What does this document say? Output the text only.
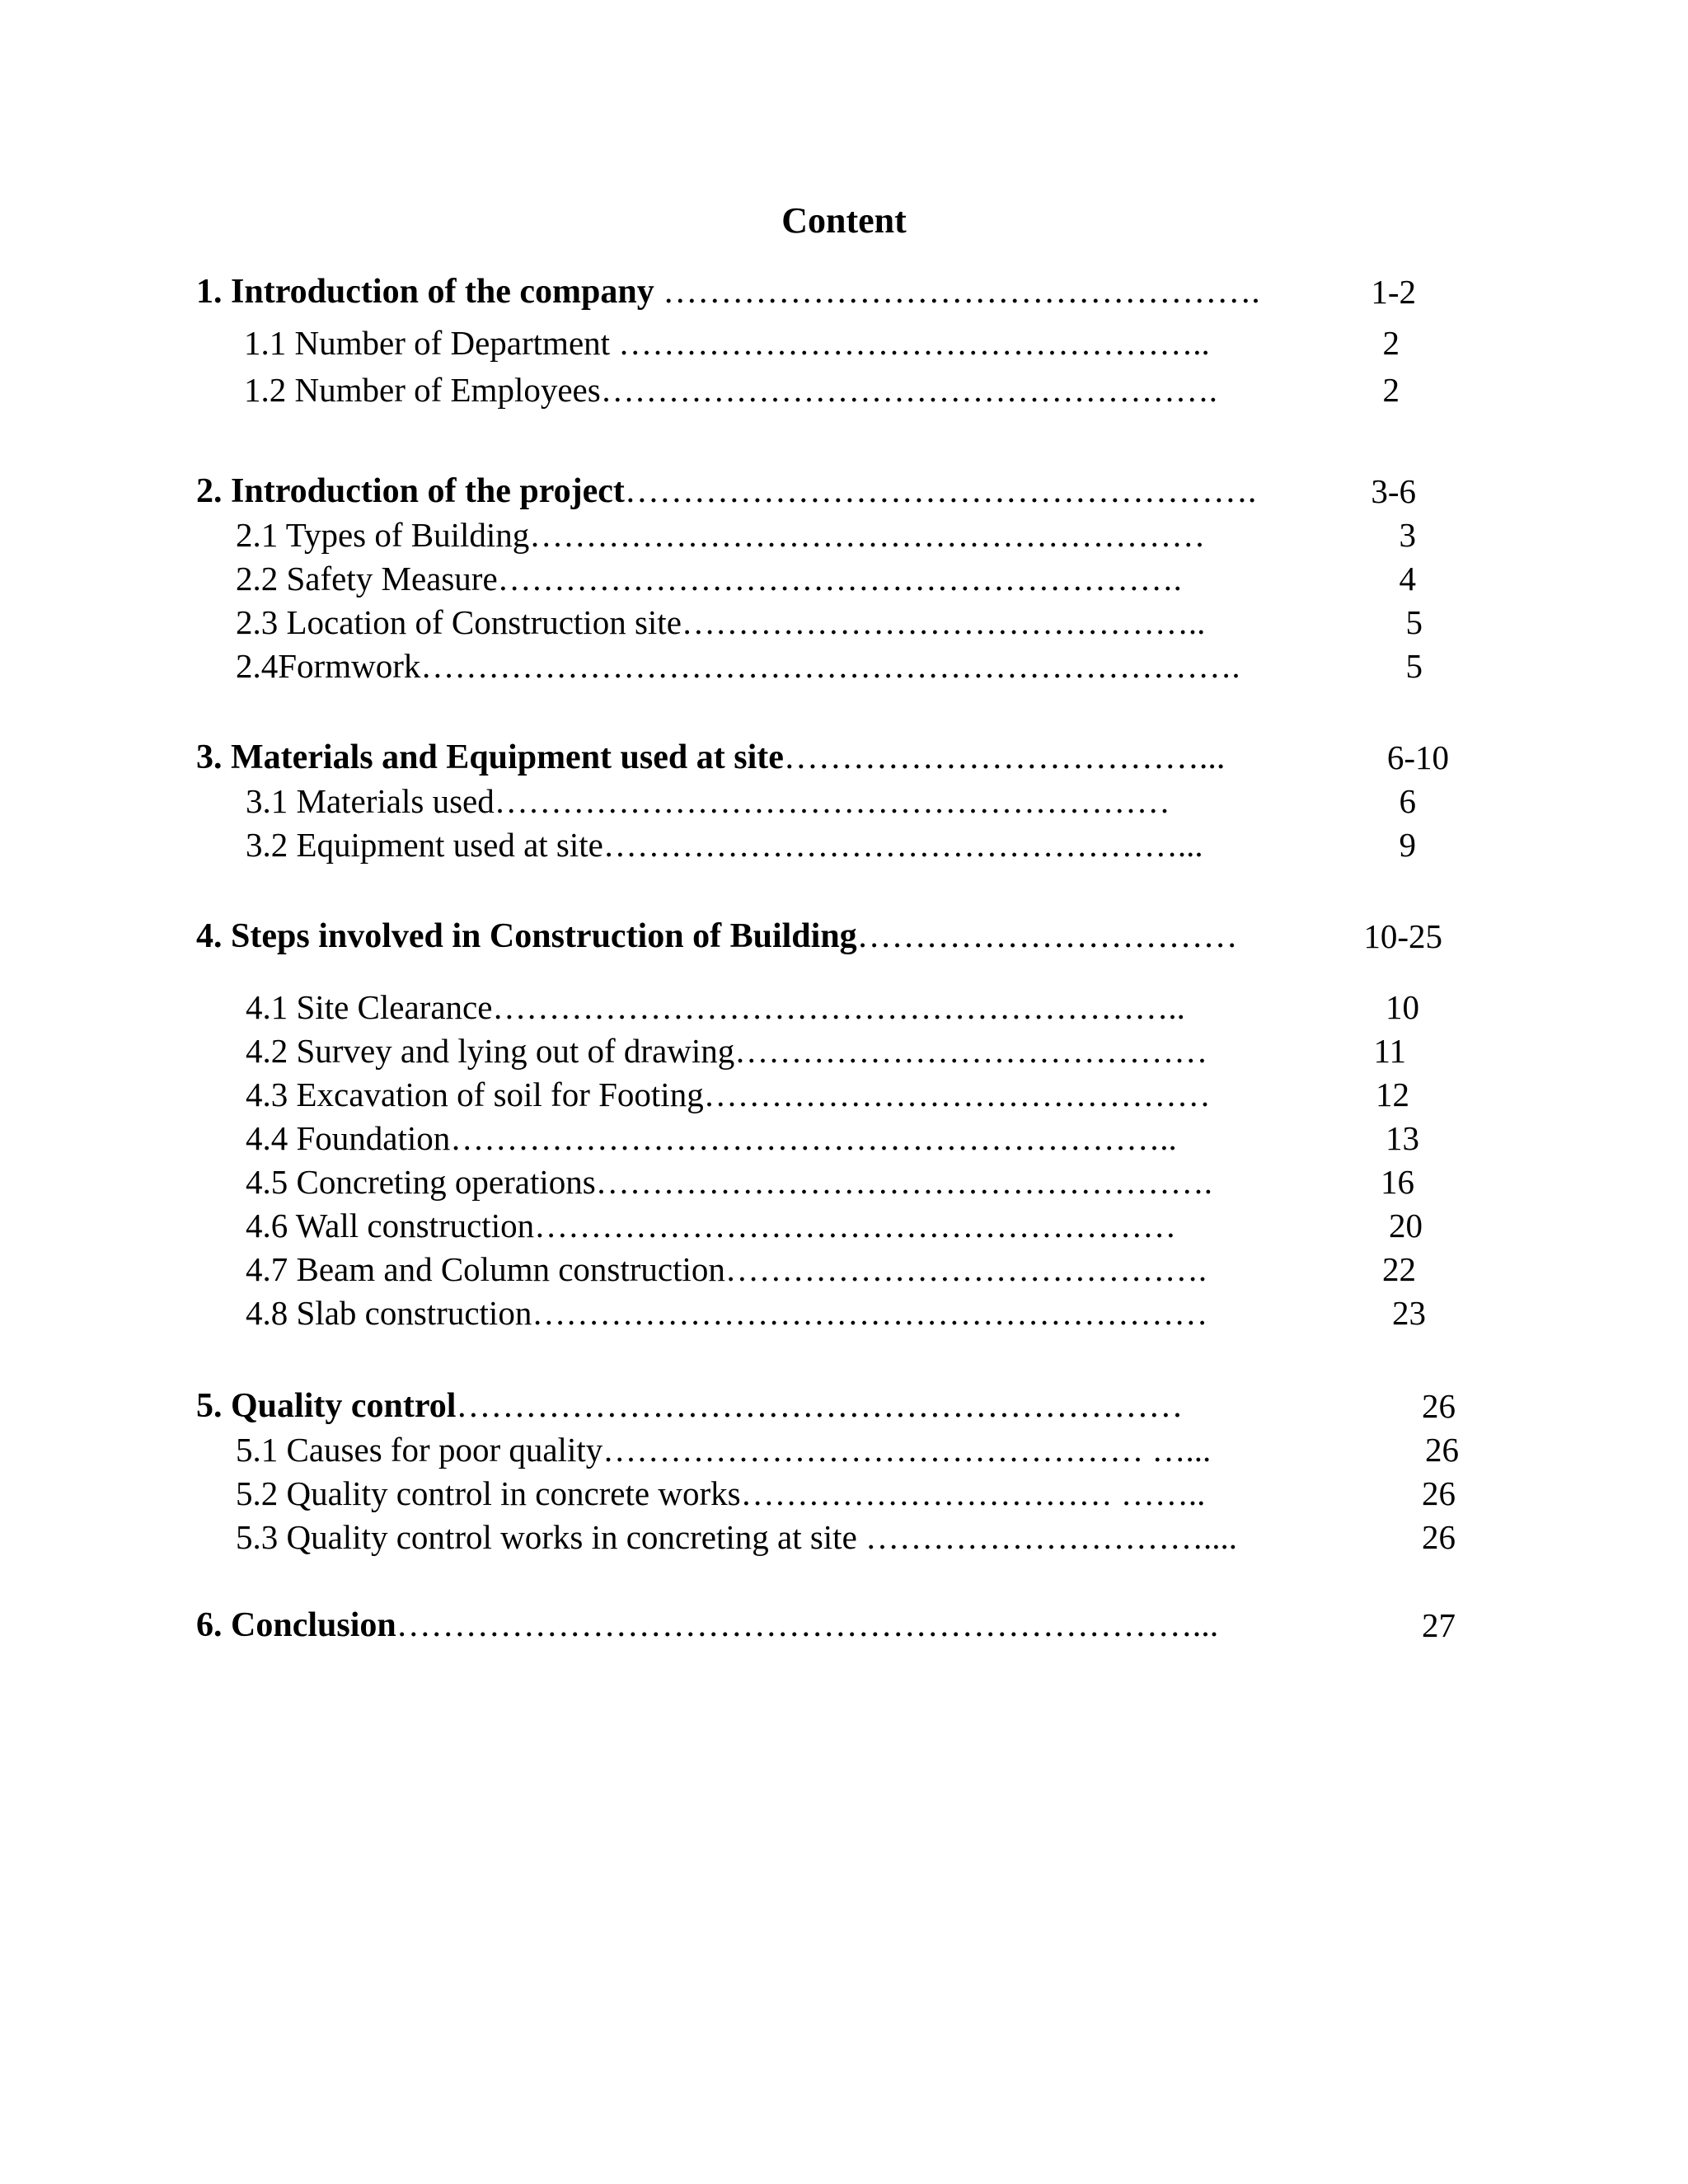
Content
1. Introduction of the company …………………………………………….	1-2
1.1 Number of Department ……………………………………………..	2
1.2 Number of Employees……………………………………………….	2
2. Introduction of the project……………………………………………….	3-6
2.1 Types of Building……………………………………………………	3
2.2 Safety Measure…………………………………………………….	4
2.3 Location of Construction site………………………………………..	5
2.4Formwork……………………………………………………………….	5
3. Materials and Equipment used at site………………………………...	6-10
3.1 Materials used……………………………………………………	6
3.2 Equipment used at site……………………………………………...	9
4. Steps involved in Construction of Building……………………………	10-25
4.1 Site Clearance……………………………………………………..	10
4.2 Survey and lying out of drawing……………………………………	11
4.3 Excavation of soil for Footing………………………………………	12
4.4 Foundation………………………………………………………..	13
4.5 Concreting operations……………………………………………….	16
4.6 Wall construction…………………………………………………	20
4.7 Beam and Column construction…………………………………….	22
4.8 Slab construction……………………………………………………	23
5. Quality control………………………………………………………	26
5.1 Causes for poor quality………………………………………… …...	26
5.2 Quality control in concrete works…………………………… ……..	26
5.3 Quality control works in concreting at site …………………………....	26
6. Conclusion……………………………………………………………...	27
